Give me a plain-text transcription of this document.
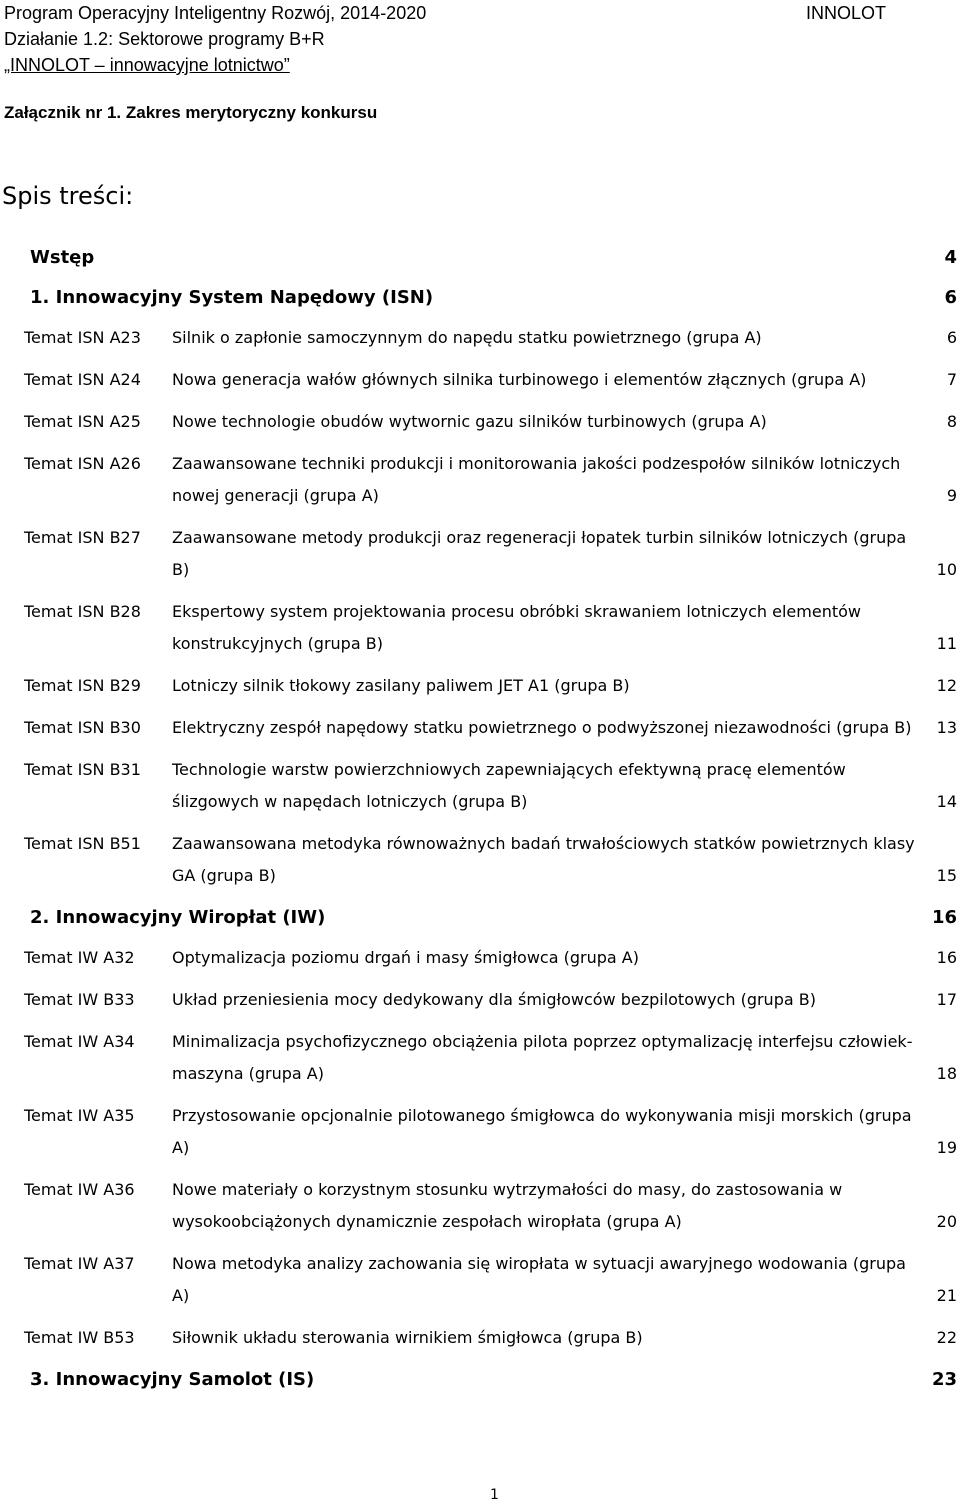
Program Operacyjny Inteligentny Rozwój, 2014-2020
Działanie 1.2: Sektorowe programy B+R
„INNOLOT – innowacyjne lotnictwo”
INNOLOT
Załącznik nr 1. Zakres merytoryczny konkursu
Spis treści:
Wstęp	4
1. Innowacyjny System Napędowy (ISN)	6
Temat ISN A23	Silnik o zapłonie samoczynnym do napędu statku powietrznego (grupa A)	6
Temat ISN A24	Nowa generacja wałów głównych silnika turbinowego i elementów złącznych (grupa A)	7
Temat ISN A25	Nowe technologie obudów wytwornic gazu silników turbinowych (grupa A)	8
Temat ISN A26	Zaawansowane techniki produkcji i monitorowania jakości podzespołów silników lotniczych nowej generacji (grupa A)	9
Temat ISN B27	Zaawansowane metody produkcji oraz regeneracji łopatek turbin silników lotniczych (grupa B)	10
Temat ISN B28	Ekspertowy system projektowania procesu obróbki skrawaniem lotniczych elementów konstrukcyjnych (grupa B)	11
Temat ISN B29	Lotniczy silnik tłokowy zasilany paliwem JET A1 (grupa B)	12
Temat ISN B30	Elektryczny zespół napędowy statku powietrznego o podwyższonej niezawodności (grupa B)	13
Temat ISN B31	Technologie warstw powierzchniowych zapewniających efektywną pracę elementów ślizgowych w napędach lotniczych (grupa B)	14
Temat ISN B51	Zaawansowana metodyka równoważnych badań trwałościowych statków powietrznych klasy GA (grupa B)	15
2. Innowacyjny Wiropłat (IW)	16
Temat IW A32	Optymalizacja poziomu drgań i masy śmigłowca (grupa A)	16
Temat IW B33	Układ przeniesienia mocy dedykowany dla śmigłowców bezpilotowych (grupa B)	17
Temat IW A34	Minimalizacja psychofizycznego obciążenia pilota poprzez optymalizację interfejsu człowiek-maszyna (grupa A)	18
Temat IW A35	Przystosowanie opcjonalnie pilotowanego śmigłowca do wykonywania misji morskich (grupa A)	19
Temat IW A36	Nowe materiały o korzystnym stosunku wytrzymałości do masy, do zastosowania w wysokoobciążonych dynamicznie zespołach wiropłata (grupa A)	20
Temat IW A37	Nowa metodyka analizy zachowania się wiropłata w sytuacji awaryjnego wodowania (grupa A)	21
Temat IW B53	Siłownik układu sterowania wirnikiem śmigłowca (grupa B)	22
3. Innowacyjny Samolot (IS)	23
1
